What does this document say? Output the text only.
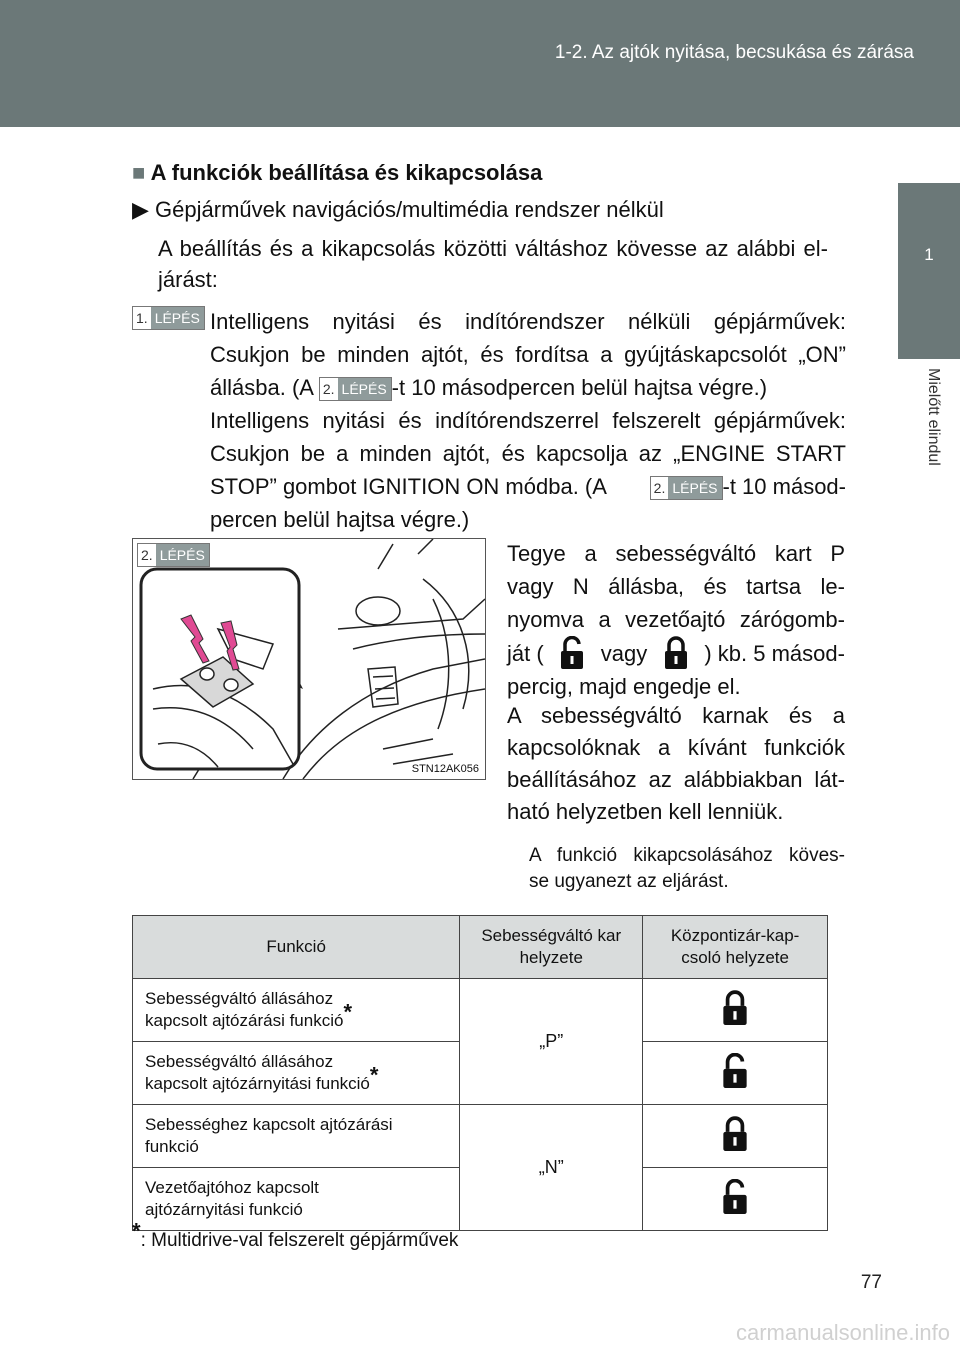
1-2. Az ajtók nyitása, becsukása és zárása
1
Mielőtt elindul
■ A funkciók beállítása és kikapcsolása
▶ Gépjárművek navigációs/multimédia rendszer nélkül
A beállítás és a kikapcsolás közötti váltáshoz kövesse az alábbi el-
járást:
1. LÉPÉS Intelligens nyitási és indítórendszer nélküli gépjárművek:
Csukjon be minden ajtót, és fordítsa a gyújtáskapcsolót „ON”
állásba. (A 2. LÉPÉS -t 10 másodpercen belül hajtsa végre.)
Intelligens nyitási és indítórendszerrel felszerelt gépjárművek:
Csukjon be a minden ajtót, és kapcsolja az „ENGINE START
STOP” gombot IGNITION ON módba. (A	2. LÉPÉS -t 10 másod-
percen belül hajtsa végre.)
2. LÉPÉS
STN12AK056
Tegye a sebességváltó kart P
vagy N állásba, és tartsa le-
nyomva a vezetőajtó zárógomb-
ját (	vagy	) kb. 5 másod-
percig, majd engedje el.
A sebességváltó karnak és a
kapcsolóknak a kívánt funkciók
beállításához az alábbiakban lát-
ható helyzetben kell lenniük.
A funkció kikapcsolásához köves-
se ugyanezt az eljárást.
Funkció	Sebességváltó kar helyzete	Központizár-kap-csoló helyzete

Sebességváltó állásához
kapcsolt ajtózárási funkció*	„P”	

Sebességváltó állásához
kapcsolt ajtózárnyitási funkció*

Sebességhez kapcsolt ajtózárási
funkció	„N”	

Vezetőajtóhoz kapcsolt
ajtózárnyitási funkció

*: Multidrive-val felszerelt gépjárművek
77
carmanualsonline.info
